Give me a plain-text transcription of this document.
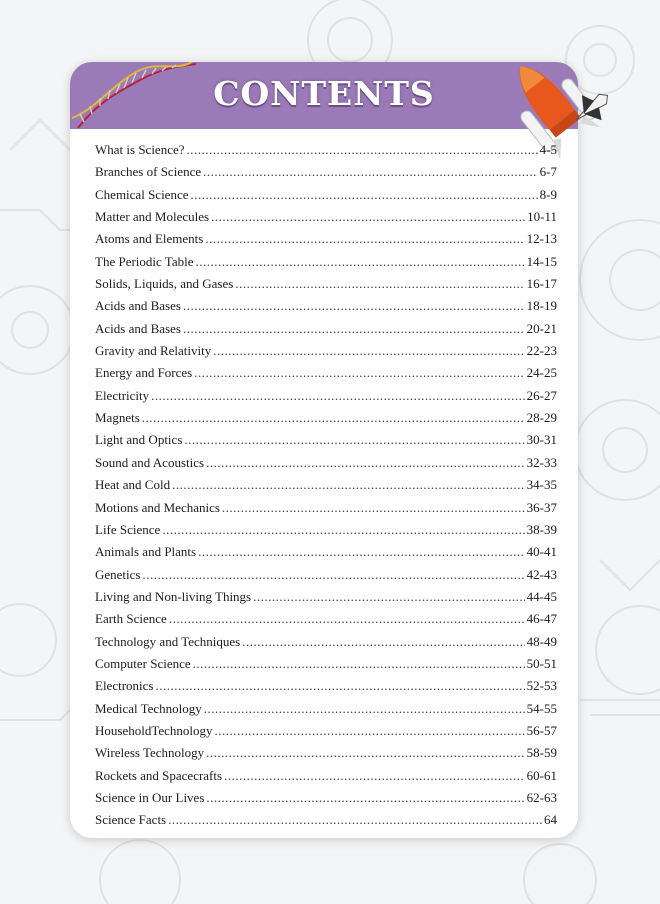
CONTENTS
What is Science? .....	4-5
Branches of Science .....	6-7
Chemical Science .....	8-9
Matter and Molecules .....	10-11
Atoms and Elements .....	12-13
The Periodic Table .....	14-15
Solids, Liquids, and Gases .....	16-17
Acids and Bases .....	18-19
Acids and Bases .....	20-21
Gravity and Relativity .....	22-23
Energy and Forces .....	24-25
Electricity .....	26-27
Magnets .....	28-29
Light and Optics .....	30-31
Sound and Acoustics .....	32-33
Heat and Cold .....	34-35
Motions and Mechanics .....	36-37
Life Science .....	38-39
Animals and Plants .....	40-41
Genetics .....	42-43
Living and Non-living Things .....	44-45
Earth Science .....	46-47
Technology and Techniques .....	48-49
Computer Science .....	50-51
Electronics .....	52-53
Medical Technology .....	54-55
HouseholdTechnology .....	56-57
Wireless Technology .....	58-59
Rockets and Spacecrafts .....	60-61
Science in Our Lives .....	62-63
Science Facts .....	64
